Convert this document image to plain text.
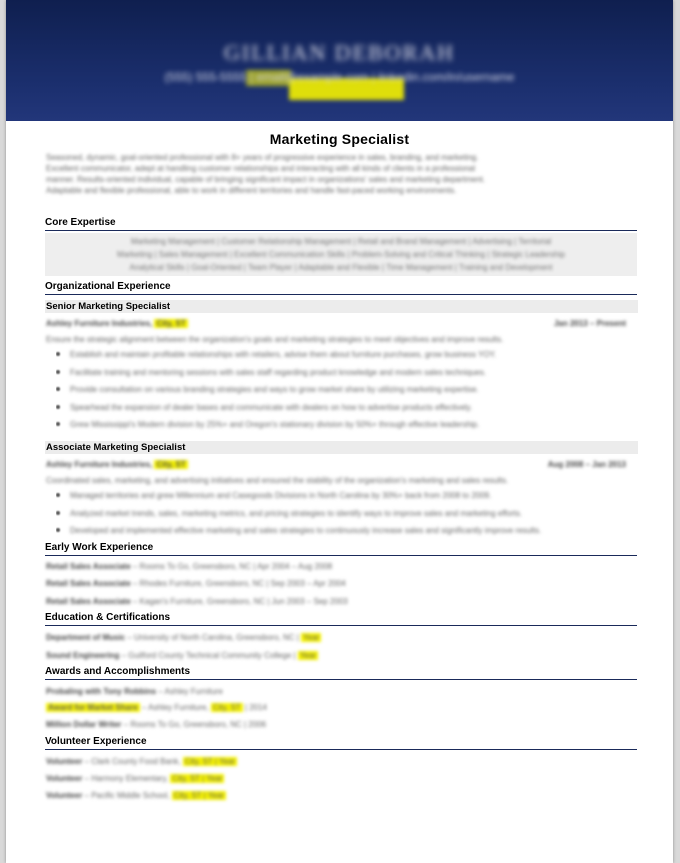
GILLIAN DEBORAH
(555) 555-5555 | email@example.com | linkedin.com/in/username
Marketing Specialist
Seasoned, dynamic, goal-oriented professional with 8+ years of progressive experience in sales, branding, and marketing.
Excellent communicator, adept at handling customer relationships and interacting with all kinds of clients in a professional
manner. Results-oriented individual, capable of bringing significant impact in organizations' sales and marketing department.
Adaptable and flexible professional, able to work in different territories and handle fast-paced working environments.
Core Expertise
Marketing Management | Customer Relationship Management | Retail and Brand Management | Advertising | Territorial
Marketing | Sales Management | Excellent Communication Skills | Problem-Solving and Critical Thinking | Strategic Leadership
Analytical Skills | Goal-Oriented | Team Player | Adaptable and Flexible | Time Management | Training and Development
Organizational Experience
Senior Marketing Specialist
Ashley Furniture Industries, City, ST	Jan 2013 – Present
Ensure the strategic alignment between the organization's goals and marketing strategies to meet objectives and improve results.
Establish and maintain profitable relationships with retailers, advise them about furniture purchases, grow business YOY.
Facilitate training and mentoring sessions with sales staff regarding product knowledge and modern sales techniques.
Provide consultation on various branding strategies and ways to grow market share by utilizing marketing expertise.
Spearhead the expansion of dealer bases and communicate with dealers on how to advertise products effectively.
Grew Mississippi's Modern division by 25%+ and Oregon's stationary division by 50%+ through effective leadership.
Associate Marketing Specialist
Ashley Furniture Industries, City, ST	Aug 2008 – Jan 2013
Coordinated sales, marketing, and advertising initiatives and ensured the stability of the organization's marketing and sales results.
Managed territories and grew Millennium and Casegoods Divisions in North Carolina by 30%+ back from 2008 to 2009.
Analyzed market trends, sales, marketing metrics, and pricing strategies to identify ways to improve sales and marketing efforts.
Developed and implemented effective marketing and sales strategies to continuously increase sales and significantly improve results.
Early Work Experience
Retail Sales Associate – Rooms To Go, Greensboro, NC | Apr 2004 – Aug 2008
Retail Sales Associate – Rhodes Furniture, Greensboro, NC | Sep 2003 – Apr 2004
Retail Sales Associate – Kagan's Furniture, Greensboro, NC | Jun 2003 – Sep 2003
Education & Certifications
Department of Music – University of North Carolina, Greensboro, NC | Year
Sound Engineering – Guilford County Technical Community College | Year
Awards and Accomplishments
Probaling with Tony Robbins – Ashley Furniture
Award for Market Share – Ashley Furniture, City, ST | 2014
Million Dollar Writer – Rooms To Go, Greensboro, NC | 2006
Volunteer Experience
Volunteer – Clark County Food Bank, City, ST | Year
Volunteer – Harmony Elementary, City, ST | Year
Volunteer – Pacific Middle School, City, ST | Year
